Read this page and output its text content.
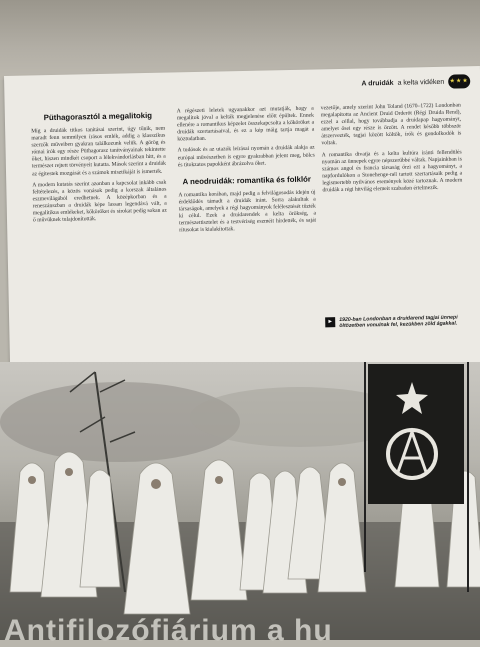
A druidák a kelta vidéken ★★★
Püthagorasztól a megalitokig

Míg a druidák titkos tanításai szerint, úgy tűnik, nem maradt fenn semmilyen írásos emlék, addig a klasszikus szerzők műveiben gyakran találkozunk velük. A görög és római írók egy része Püthagorasz tanítványainak tekintette őket, hiszen mindkét csoport a lélekvándorlásban hitt, és a természet rejtett törvényeit kutatta. Mások szerint a druidák az égitestek mozgását és a számok misztikáját is ismerték.

A modern kutatás szerint azonban a kapcsolat inkább csak feltételezés, a közös vonások pedig a korszak általános eszmevilágából eredhetnek. A középkorban és a reneszánszban a druidák képe lassan legendává vált, a megalitikus emlékeket, kőköröket és sírokat pedig sokan az ő művüknek tulajdonították.

A régészeti leletek ugyanakkor azt mutatják, hogy a megalitok jóval a kelták megjelenése előtt épültek. Ennek ellenére a romantikus képzelet összekapcsolta a kőköröket a druidák szertartásaival, és ez a kép máig tartja magát a köztudatban.

A tudósok és az utazók leírásai nyomán a druidák alakja az európai művészetben is egyre gyakrabban jelent meg, bölcs és titokzatos papokként ábrázolva őket.

A neodruidák: romantika és folklór

A romantika korában, majd pedig a felvilágosodás idején új érdeklődés támadt a druidák iránt. Sorra alakultak a társaságok, amelyek a régi hagyományok felélesztését tűzték ki célul. Ezek a druidarendek a kelta örökség, a természettisztelet és a testvériség eszméit hirdették, és saját rítusokat is kialakítottak.

vezetője, amely szerint John Toland (1670–1722) Londonban megalapította az Ancient Druid Orderöt (Régi Druida Rend), ezzel a céllal, hogy továbbadja a druidapap hagyományt, amelyet ősei egy része is őrzött. A rendet később többször átszervezték, tagjai között költők, írók és gondolkodók is voltak.

A romantika divatja és a kelta kultúra iránti fellendülés nyomán az ünnepek egyre népszerűbbé váltak. Napjainkban is számos angol és francia társaság őrzi ezt a hagyományt, a napfordulókon a Stonehenge-nél tartott szertartásaik pedig a legismertebb nyilvános események közé tartoznak. A modern druidák a régi hitvilág elemeit szabadon értelmezik.

▸	1920-ban Londonban a druidarend tagjai ünnepi öltözetben vonulnak fel, kezükben zöld ágakkal.
Antifilozófiárium a hu
